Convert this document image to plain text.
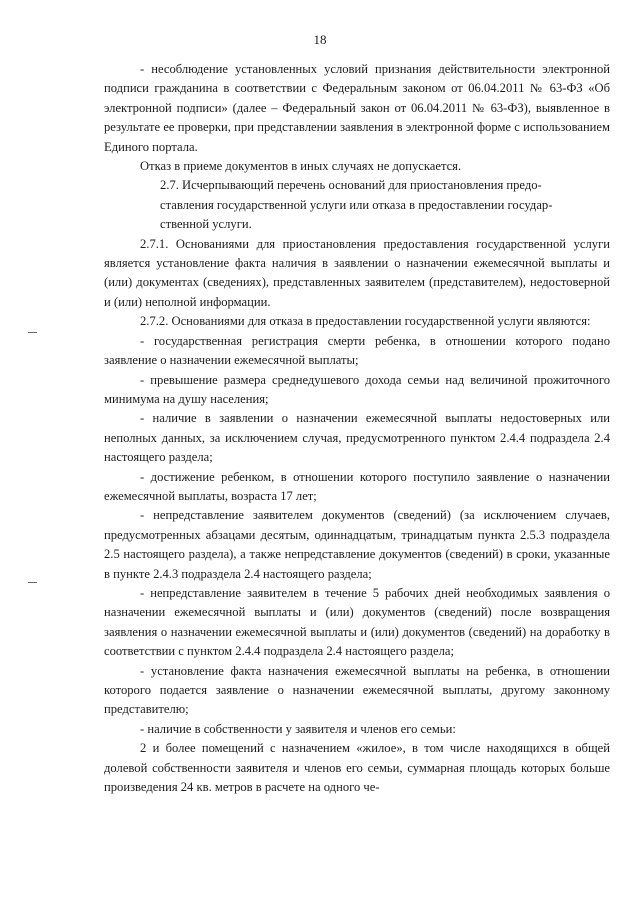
18

- несоблюдение установленных условий признания действительности электронной подписи гражданина в соответствии с Федеральным законом от 06.04.2011 № 63-ФЗ «Об электронной подписи» (далее – Федеральный закон от 06.04.2011 № 63-ФЗ), выявленное в результате ее проверки, при представлении заявления в электронной форме с использованием Единого портала.

Отказ в приеме документов в иных случаях не допускается.

2.7. Исчерпывающий перечень оснований для приостановления предо-
ставления государственной услуги или отказа в предоставлении государ-
ственной услуги.

2.7.1. Основаниями для приостановления предоставления государственной услуги является установление факта наличия в заявлении о назначении ежемесячной выплаты и (или) документах (сведениях), представленных заявителем (представителем), недостоверной и (или) неполной информации.

2.7.2. Основаниями для отказа в предоставлении государственной услуги являются:

- государственная регистрация смерти ребенка, в отношении которого подано заявление о назначении ежемесячной выплаты;

- превышение размера среднедушевого дохода семьи над величиной прожиточного минимума на душу населения;

- наличие в заявлении о назначении ежемесячной выплаты недостоверных или неполных данных, за исключением случая, предусмотренного пунктом 2.4.4 подраздела 2.4 настоящего раздела;

- достижение ребенком, в отношении которого поступило заявление о назначении ежемесячной выплаты, возраста 17 лет;

- непредставление заявителем документов (сведений) (за исключением случаев, предусмотренных абзацами десятым, одиннадцатым, тринадцатым пункта 2.5.3 подраздела 2.5 настоящего раздела), а также непредставление документов (сведений) в сроки, указанные в пункте 2.4.3 подраздела 2.4 настоящего раздела;

- непредставление заявителем в течение 5 рабочих дней необходимых заявления о назначении ежемесячной выплаты и (или) документов (сведений) после возвращения заявления о назначении ежемесячной выплаты и (или) документов (сведений) на доработку в соответствии с пунктом 2.4.4 подраздела 2.4 настоящего раздела;

- установление факта назначения ежемесячной выплаты на ребенка, в отношении которого подается заявление о назначении ежемесячной выплаты, другому законному представителю;

- наличие в собственности у заявителя и членов его семьи:

2 и более помещений с назначением «жилое», в том числе находящихся в общей долевой собственности заявителя и членов его семьи, суммарная площадь которых больше произведения 24 кв. метров в расчете на одного че-
